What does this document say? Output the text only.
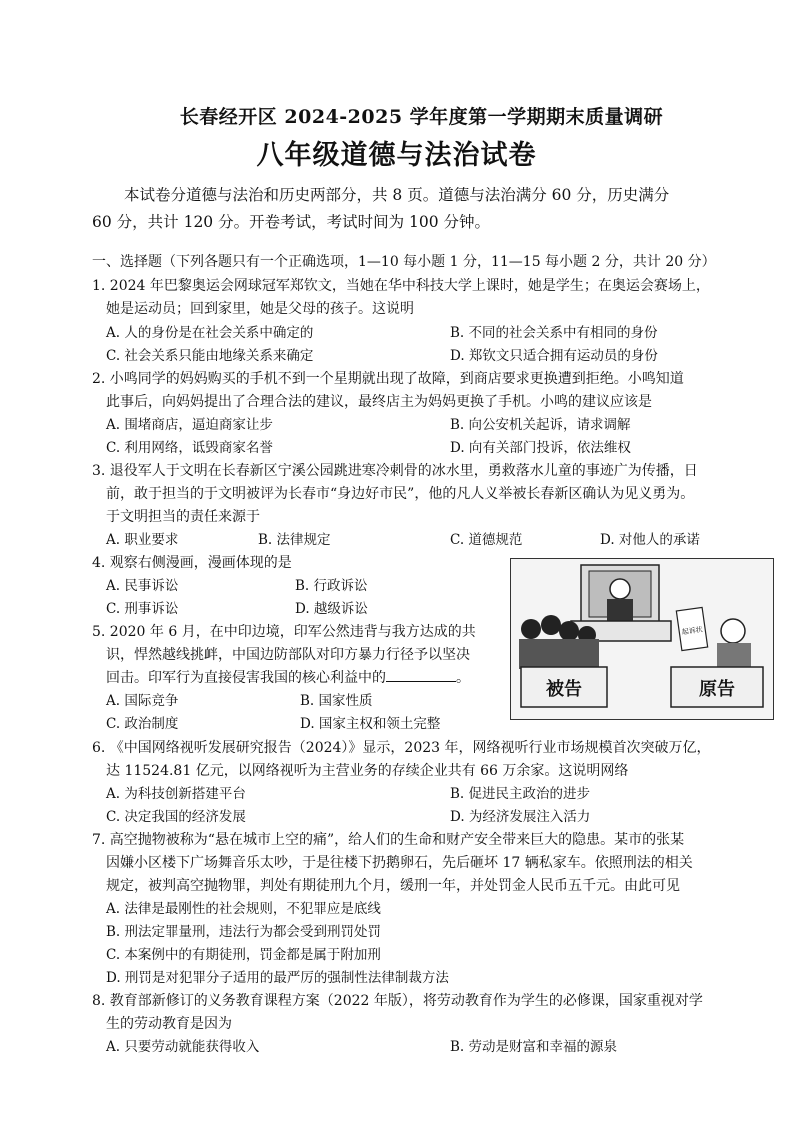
长春经开区 2024-2025 学年度第一学期期末质量调研
八年级道德与法治试卷

本试卷分道德与法治和历史两部分，共 8 页。道德与法治满分 60 分，历史满分

60 分，共计 120 分。开卷考试，考试时间为 100 分钟。

一、选择题（下列各题只有一个正确选项，1—10 每小题 1 分，11—15 每小题 2 分，共计 20 分）
1. 2024 年巴黎奥运会网球冠军郑钦文，当她在华中科技大学上课时，她是学生；在奥运会赛场上，
她是运动员；回到家里，她是父母的孩子。这说明
A. 人的身份是在社会关系中确定的	B. 不同的社会关系中有相同的身份
C. 社会关系只能由地缘关系来确定	D. 郑钦文只适合拥有运动员的身份
2. 小鸣同学的妈妈购买的手机不到一个星期就出现了故障，到商店要求更换遭到拒绝。小鸣知道
此事后，向妈妈提出了合理合法的建议，最终店主为妈妈更换了手机。小鸣的建议应该是
A. 围堵商店，逼迫商家让步	B. 向公安机关起诉，请求调解
C. 利用网络，诋毁商家名誉	D. 向有关部门投诉，依法维权
3. 退役军人于文明在长春新区宁溪公园跳进寒冷刺骨的冰水里，勇救落水儿童的事迹广为传播，日
前，敢于担当的于文明被评为长春市“身边好市民”，他的凡人义举被长春新区确认为见义勇为。
于文明担当的责任来源于
A. 职业要求	B. 法律规定	C. 道德规范	D. 对他人的承诺
4. 观察右侧漫画，漫画体现的是
A. 民事诉讼	B. 行政诉讼
C. 刑事诉讼	D. 越级诉讼
被告
起诉状
原告
5. 2020 年 6 月，在中印边境，印军公然违背与我方达成的共
识，悍然越线挑衅，中国边防部队对印方暴力行径予以坚决
回击。印军行为直接侵害我国的核心利益中的	。
A. 国际竞争	B. 国家性质
C. 政治制度	D. 国家主权和领土完整
6. 《中国网络视听发展研究报告（2024）》显示，2023 年，网络视听行业市场规模首次突破万亿，
达 11524.81 亿元，以网络视听为主营业务的存续企业共有 66 万余家。这说明网络
A. 为科技创新搭建平台	B. 促进民主政治的进步
C. 决定我国的经济发展	D. 为经济发展注入活力
7. 高空抛物被称为“悬在城市上空的痛”，给人们的生命和财产安全带来巨大的隐患。某市的张某
因嫌小区楼下广场舞音乐太吵，于是往楼下扔鹅卵石，先后砸坏 17 辆私家车。依照刑法的相关
规定，被判高空抛物罪，判处有期徒刑九个月，缓刑一年，并处罚金人民币五千元。由此可见
A. 法律是最刚性的社会规则，不犯罪应是底线
B. 刑法定罪量刑，违法行为都会受到刑罚处罚
C. 本案例中的有期徒刑，罚金都是属于附加刑
D. 刑罚是对犯罪分子适用的最严厉的强制性法律制裁方法
8. 教育部新修订的义务教育课程方案（2022 年版），将劳动教育作为学生的必修课，国家重视对学
生的劳动教育是因为
A. 只要劳动就能获得收入	B. 劳动是财富和幸福的源泉
